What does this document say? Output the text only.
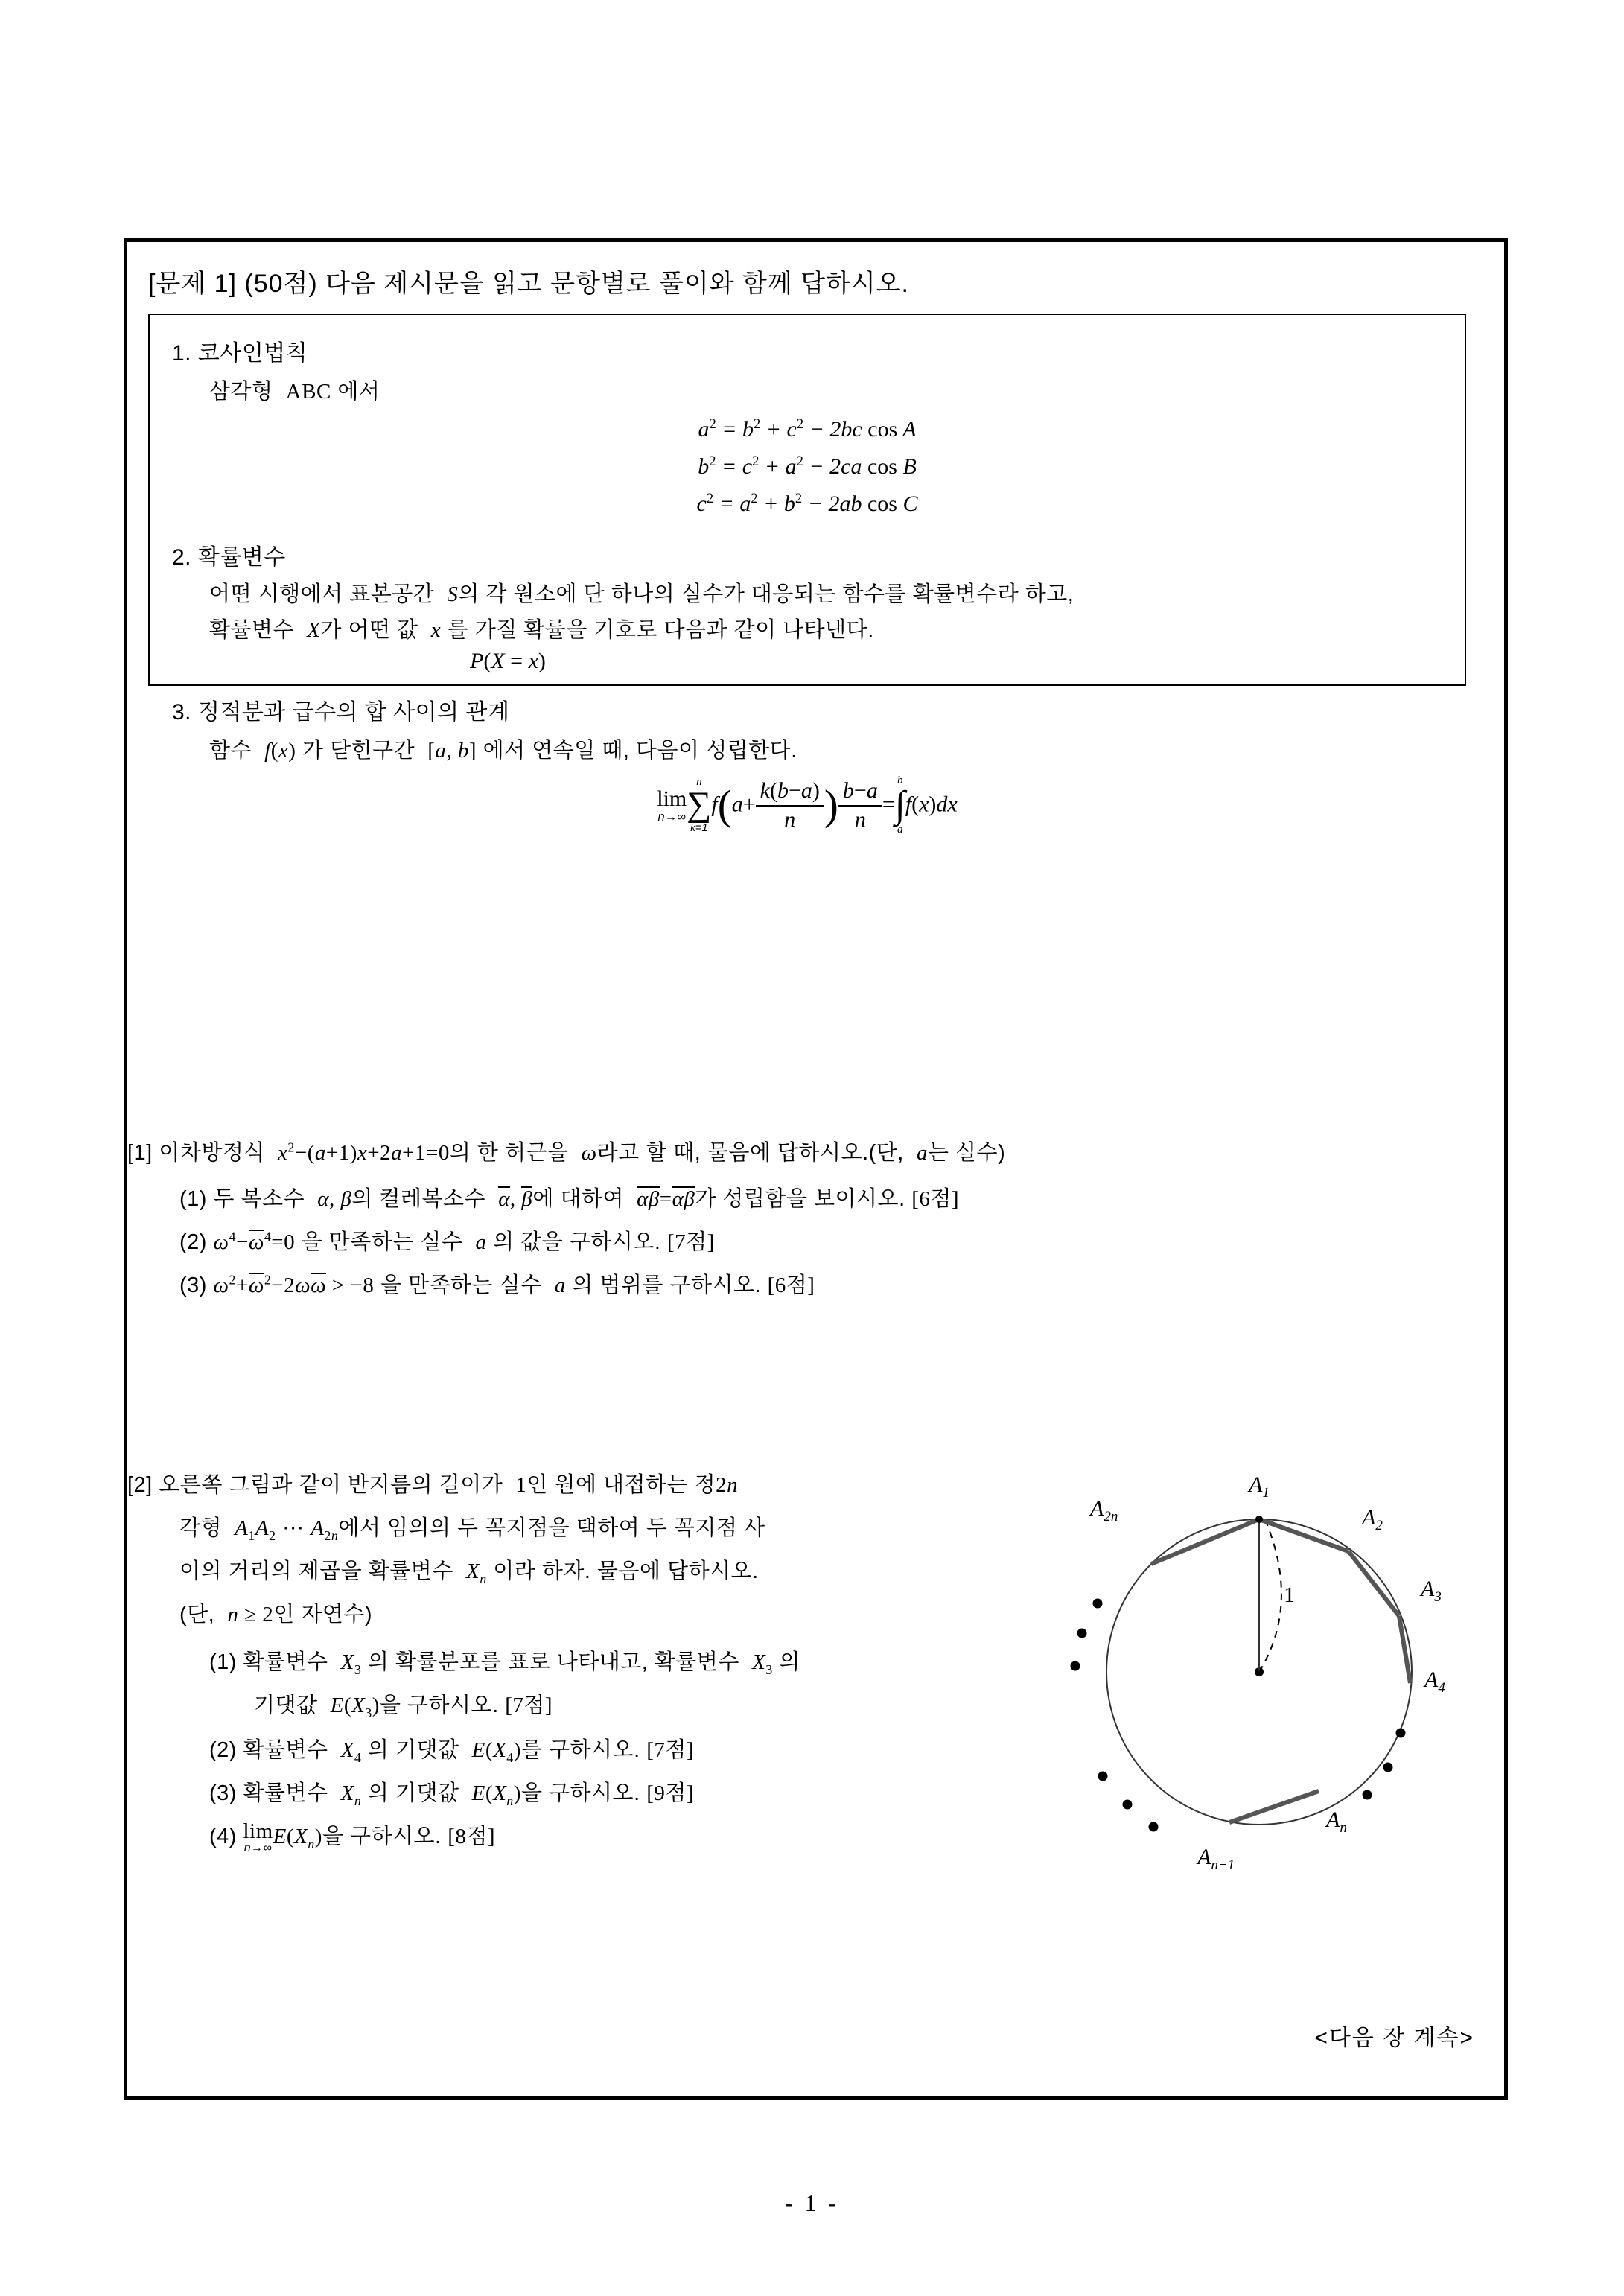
[문제 1] (50점) 다음 제시문을 읽고 문항별로 풀이와 함께 답하시오.
1. 코사인법칙
삼각형  ABC 에서
$a^2 = b^2 + c^2 - 2bc$ cos A
$b^2 = c^2 + a^2 - 2ca$ cos B
$c^2 = a^2 + b^2 - 2ab$ cos C
2. 확률변수
어떤 시행에서 표본공간  S의 각 원소에 단 하나의 실수가 대응되는 함수를 확률변수라 하고,
확률변수  X가 어떤 값  x 를 가질 확률을 기호로 다음과 같이 나타낸다.
P(X = x)
3. 정적분과 급수의 합 사이의 관계
함수  f(x) 가 닫힌구간  [a, b] 에서 연속일 때, 다음이 성립한다.
lim
n→∞
n
∑
k=1
$f(a+ \frac{k(b-a)}{n}$ ) $\frac{b-a}{n}$ =
b
∫
a
f(x)dx
[1] 이차방정식  $x^2-(a+1)x+2a+1=0$의 한 허근을  ω라고 할 때, 물음에 답하시오.(단,  a는 실수)
(1) 두 복소수  α, β의 켤레복소수  α, β에 대하여  αβ=αβ가 성립함을 보이시오. [6점]
(2) $\omega^4-\omega^4=0$ 을 만족하는 실수  a 의 값을 구하시오. [7점]
(3) $\omega^2+\omega^2-2\omega\omega > -8$ 을 만족하는 실수  a 의 범위를 구하시오. [6점]
[2] 오른쪽 그림과 같이 반지름의 길이가  1인 원에 내접하는 정2n
각형  $A_1A_2$ ⋯ $A_{2n}$에서 임의의 두 꼭지점을 택하여 두 꼭지점 사
이의 거리의 제곱을 확률변수  $X_n$ 이라 하자. 물음에 답하시오.
(단,  n ≥ 2인 자연수)
(1) 확률변수  $X_3$ 의 확률분포를 표로 나타내고, 확률변수  $X_3$ 의
기댓값  $E(X_3)$을 구하시오. [7점]
(2) 확률변수  $X_4$ 의 기댓값  $E(X_4)$를 구하시오. [7점]
(3) 확률변수  $X_n$ 의 기댓값  $E(X_n)$을 구하시오. [9점]
(4) lim
n→∞ $E(X_n)$을 구하시오. [8점]
$A_1$
$A_2$
$A_3$
$A_4$
$A_n$
$A_{n+1}$
$A_{2n}$
1
<다음 장 계속>
- 1 -
